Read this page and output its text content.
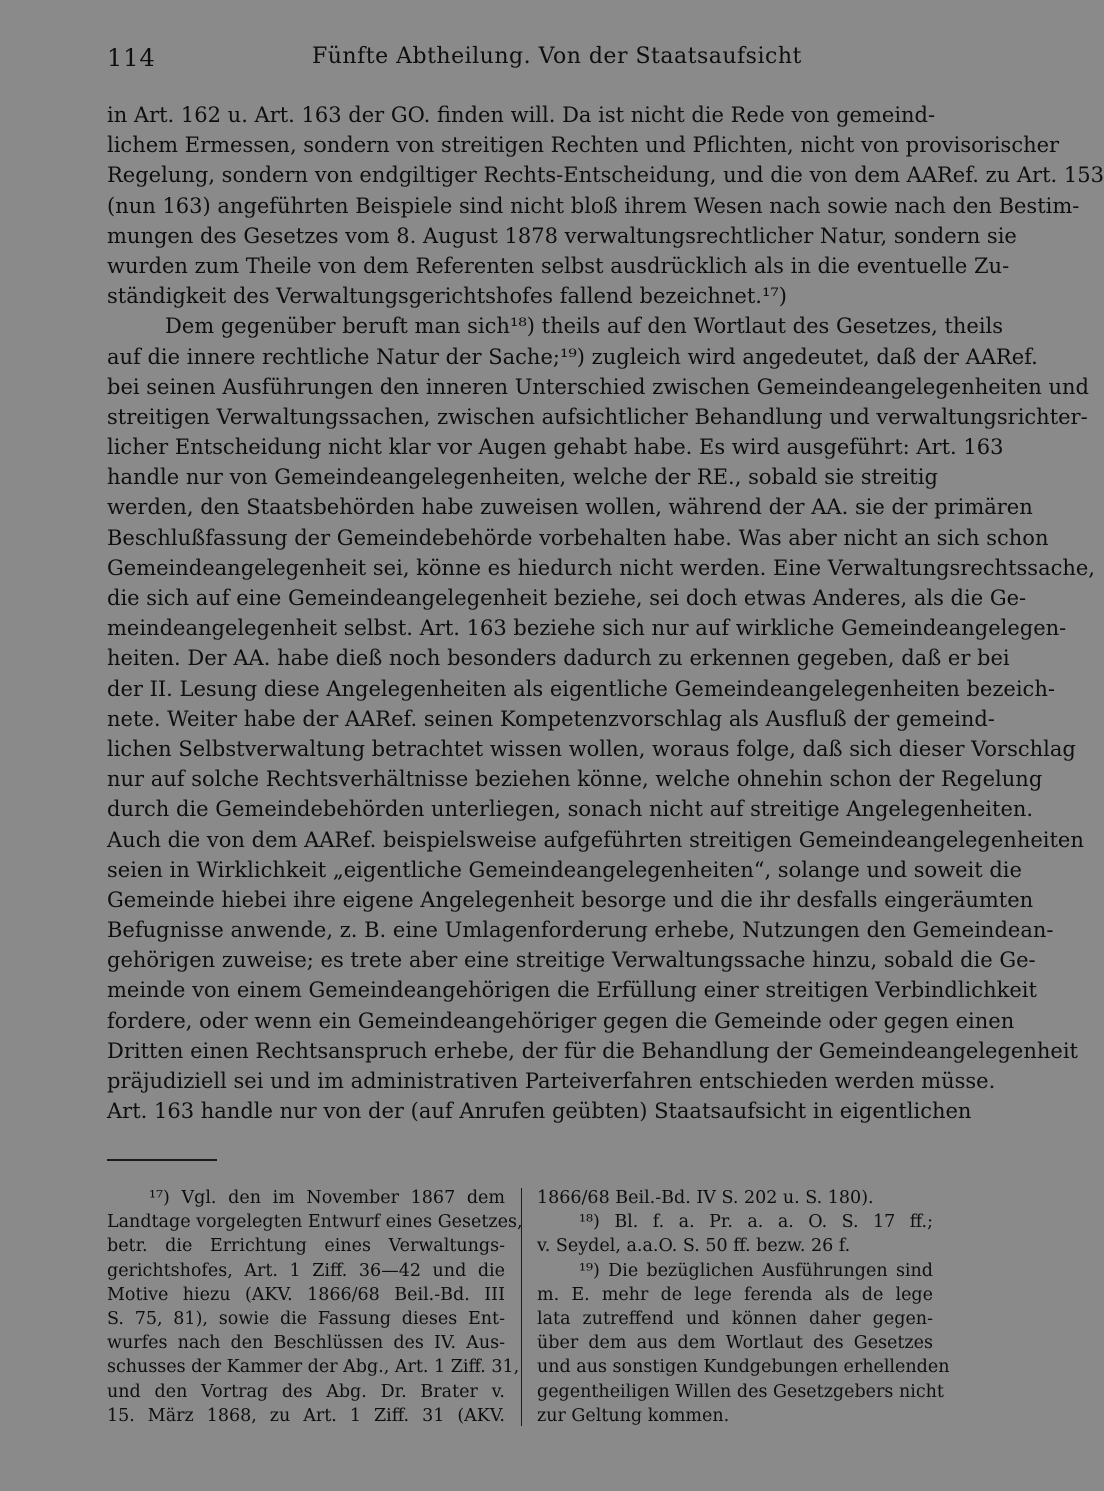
114	Fünfte Abtheilung. Von der Staatsaufsicht
in Art. 162 u. Art. 163 der GO. finden will. Da ist nicht die Rede von gemeind-
lichem Ermessen, sondern von streitigen Rechten und Pflichten, nicht von provisorischer
Regelung, sondern von endgiltiger Rechts-Entscheidung, und die von dem AARef. zu Art. 153
(nun 163) angeführten Beispiele sind nicht bloß ihrem Wesen nach sowie nach den Bestim-
mungen des Gesetzes vom 8. August 1878 verwaltungsrechtlicher Natur, sondern sie
wurden zum Theile von dem Referenten selbst ausdrücklich als in die eventuelle Zu-
ständigkeit des Verwaltungsgerichtshofes fallend bezeichnet.¹⁷)
Dem gegenüber beruft man sich¹⁸) theils auf den Wortlaut des Gesetzes, theils
auf die innere rechtliche Natur der Sache;¹⁹) zugleich wird angedeutet, daß der AARef.
bei seinen Ausführungen den inneren Unterschied zwischen Gemeindeangelegenheiten und
streitigen Verwaltungssachen, zwischen aufsichtlicher Behandlung und verwaltungsrichter-
licher Entscheidung nicht klar vor Augen gehabt habe. Es wird ausgeführt: Art. 163
handle nur von Gemeindeangelegenheiten, welche der RE., sobald sie streitig
werden, den Staatsbehörden habe zuweisen wollen, während der AA. sie der primären
Beschlußfassung der Gemeindebehörde vorbehalten habe. Was aber nicht an sich schon
Gemeindeangelegenheit sei, könne es hiedurch nicht werden. Eine Verwaltungsrechtssache,
die sich auf eine Gemeindeangelegenheit beziehe, sei doch etwas Anderes, als die Ge-
meindeangelegenheit selbst. Art. 163 beziehe sich nur auf wirkliche Gemeindeangelegen-
heiten. Der AA. habe dieß noch besonders dadurch zu erkennen gegeben, daß er bei
der II. Lesung diese Angelegenheiten als eigentliche Gemeindeangelegenheiten bezeich-
nete. Weiter habe der AARef. seinen Kompetenzvorschlag als Ausfluß der gemeind-
lichen Selbstverwaltung betrachtet wissen wollen, woraus folge, daß sich dieser Vorschlag
nur auf solche Rechtsverhältnisse beziehen könne, welche ohnehin schon der Regelung
durch die Gemeindebehörden unterliegen, sonach nicht auf streitige Angelegenheiten.
Auch die von dem AARef. beispielsweise aufgeführten streitigen Gemeindeangelegenheiten
seien in Wirklichkeit „eigentliche Gemeindeangelegenheiten“, solange und soweit die
Gemeinde hiebei ihre eigene Angelegenheit besorge und die ihr desfalls eingeräumten
Befugnisse anwende, z. B. eine Umlagenforderung erhebe, Nutzungen den Gemeindean-
gehörigen zuweise; es trete aber eine streitige Verwaltungssache hinzu, sobald die Ge-
meinde von einem Gemeindeangehörigen die Erfüllung einer streitigen Verbindlichkeit
fordere, oder wenn ein Gemeindeangehöriger gegen die Gemeinde oder gegen einen
Dritten einen Rechtsanspruch erhebe, der für die Behandlung der Gemeindeangelegenheit
präjudiziell sei und im administrativen Parteiverfahren entschieden werden müsse.
Art. 163 handle nur von der (auf Anrufen geübten) Staatsaufsicht in eigentlichen
¹⁷) Vgl. den im November 1867 dem
Landtage vorgelegten Entwurf eines Gesetzes,
betr. die Errichtung eines Verwaltungs-
gerichtshofes, Art. 1 Ziff. 36—42 und die
Motive hiezu (AKV. 1866/68 Beil.-Bd. III
S. 75, 81), sowie die Fassung dieses Ent-
wurfes nach den Beschlüssen des IV. Aus-
schusses der Kammer der Abg., Art. 1 Ziff. 31,
und den Vortrag des Abg. Dr. Brater v.
15. März 1868, zu Art. 1 Ziff. 31 (AKV.
1866/68 Beil.-Bd. IV S. 202 u. S. 180).
¹⁸) Bl. f. a. Pr. a. a. O. S. 17 ff.;
v. Seydel, a.a.O. S. 50 ff. bezw. 26 f.
¹⁹) Die bezüglichen Ausführungen sind
m. E. mehr de lege ferenda als de lege
lata zutreffend und können daher gegen-
über dem aus dem Wortlaut des Gesetzes
und aus sonstigen Kundgebungen erhellenden
gegentheiligen Willen des Gesetzgebers nicht
zur Geltung kommen.
